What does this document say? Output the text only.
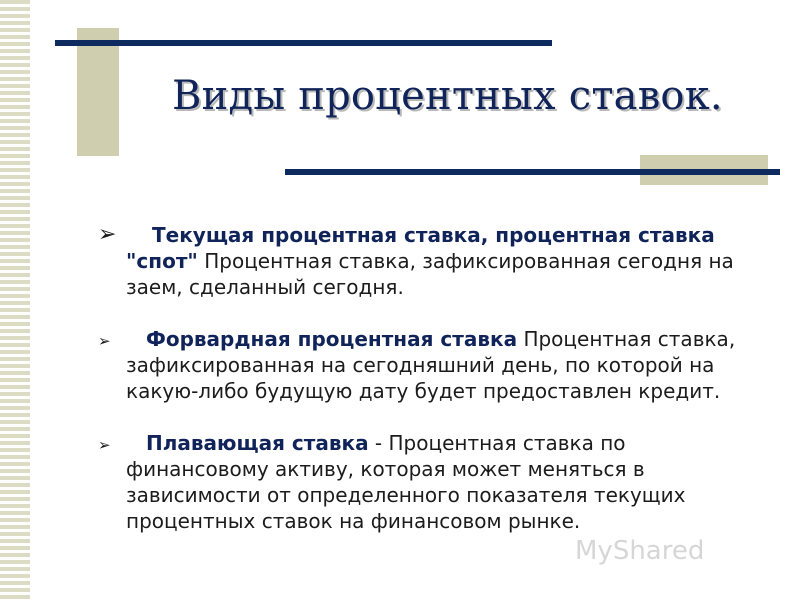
Виды процентных ставок.
➢ Текущая процентная ставка, процентная ставка "спот" Процентная ставка, зафиксированная сегодня на заем, сделанный сегодня.
➢ Форвардная процентная ставка Процентная ставка, зафиксированная на сегодняшний день, по которой на какую-либо будущую дату будет предоставлен кредит.
➢ Плавающая ставка - Процентная ставка по финансовому активу, которая может меняться в зависимости от определенного показателя текущих процентных ставок на финансовом рынке.
МyShared
